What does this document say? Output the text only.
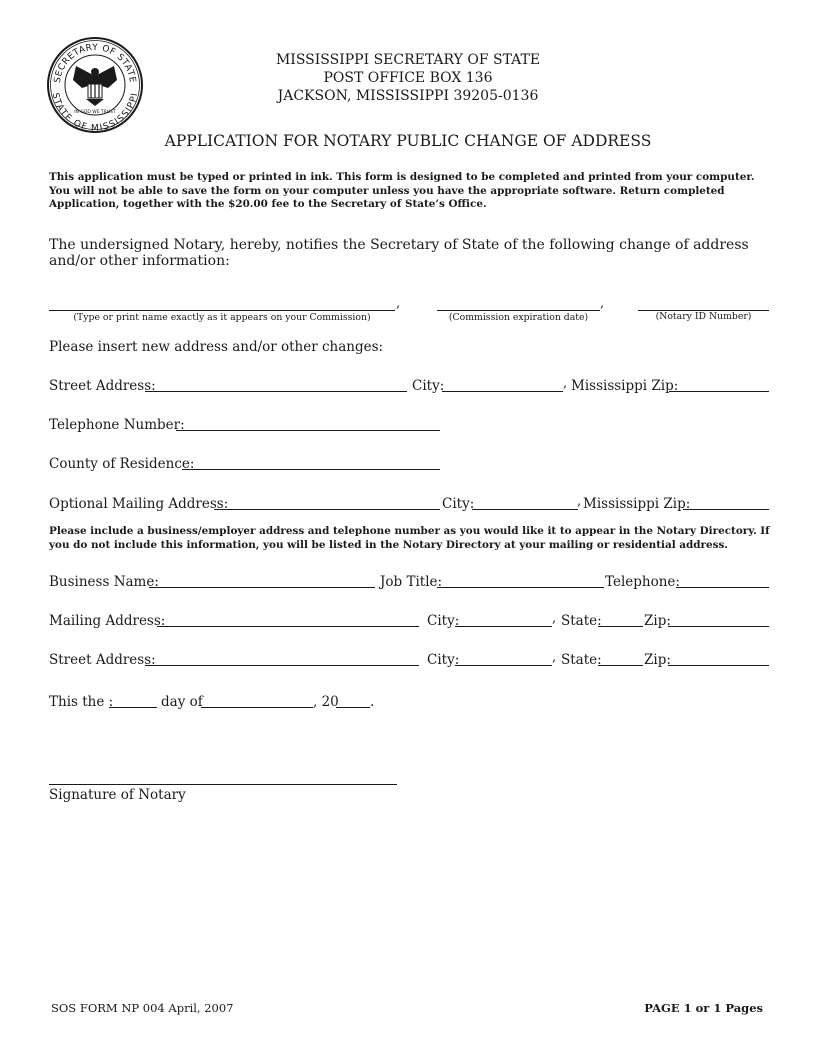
SECRETARY OF STATE
STATE OF MISSISSIPPI
IN GOD WE TRUST
MISSISSIPPI SECRETARY OF STATE
POST OFFICE BOX 136
JACKSON, MISSISSIPPI 39205-0136
APPLICATION FOR NOTARY PUBLIC CHANGE OF ADDRESS
This application must be typed or printed in ink. This form is designed to be completed and printed from your computer. You will not be able to save the form on your computer unless you have the appropriate software. Return completed Application, together with the $20.00 fee to the Secretary of State’s Office.
The undersigned Notary, hereby, notifies the Secretary of State of the following change of address and/or other information:
,	,
(Type or print name exactly as it appears on your Commission)	(Commission expiration date)	(Notary ID Number)
Please insert new address and/or other changes:
Street Address:	City:	, Mississippi Zip:
Telephone Number:
County of Residence:
Optional Mailing Address:	City:	, Mississippi Zip:
Please include a business/employer address and telephone number as you would like it to appear in the Notary Directory. If you do not include this information, you will be listed in the Notary Directory at your mailing or residential address.
Business Name:	Job Title:	Telephone:
Mailing Address:	City:	, State:	Zip:
Street Address:	City:	, State:	Zip:
This the :	day of	, 20 .
Signature of Notary
SOS FORM NP 004 April, 2007	PAGE 1 or 1 Pages
